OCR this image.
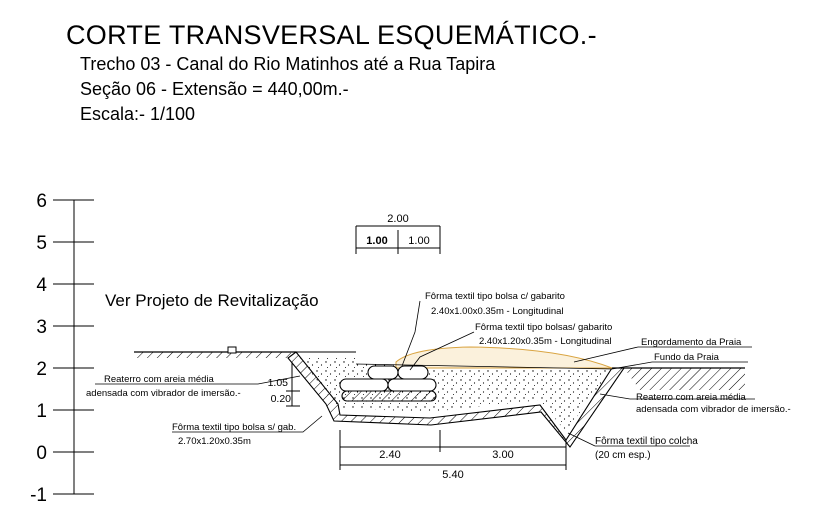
CORTE TRANSVERSAL ESQUEMÁTICO.-
Trecho 03 - Canal do Rio Matinhos até a Rua Tapira
Seção 06 - Extensão = 440,00m.-
Escala:- 1/100
6
5
4
3
2
1
0
-1
Ver Projeto de Revitalização
2.00
1.00 1.00
1.05
0.20
2.40	3.00
5.40
Fôrma textil tipo bolsa c/ gabarito
2.40x1.00x0.35m - Longitudinal
Fôrma textil tipo bolsas/ gabarito
2.40x1.20x0.35m - Longitudinal	Engordamento da Praia
Fundo da Praia
Reaterro com areia média
adensada com vibrador de imersão.-	Reaterro com areia média
adensada com vibrador de imersão.-
Fôrma textil tipo bolsa s/ gab.
2.70x1.20x0.35m	Fôrma textil tipo colcha
(20 cm esp.)
